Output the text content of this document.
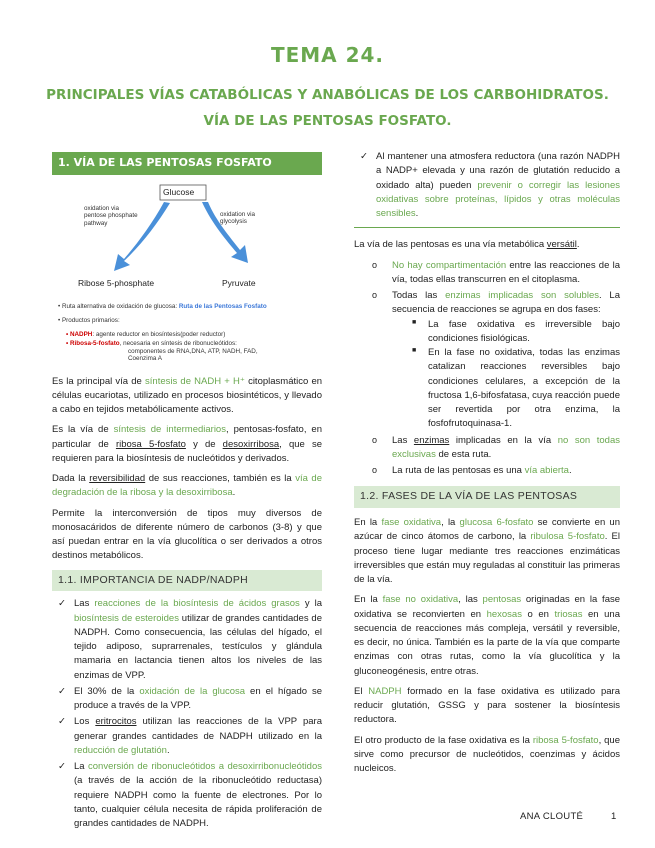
TEMA 24.
PRINCIPALES VÍAS CATABÓLICAS Y ANABÓLICAS DE LOS CARBOHIDRATOS.
VÍA DE LAS PENTOSAS FOSFATO.
1. VÍA DE LAS PENTOSAS FOSFATO
Glucose
oxidation via
pentose phosphate
pathway
oxidation via
glycolysis
Ribose 5-phosphate	Pyruvate
• Ruta alternativa de oxidación de glucosa: Ruta de las Pentosas Fosfato
• Productos primarios:
• NADPH: agente reductor en biosíntesis(poder reductor)
• Ribosa-5-fosfato, necesaria en síntesis de ribonucleótidos:
componentes de RNA,DNA, ATP, NADH, FAD,
Coenzima A

Es la principal vía de síntesis de NADH + H⁺ citoplasmático en células eucariotas, utilizado en procesos biosintéticos, y llevado a cabo en tejidos metabólicamente activos.

Es la vía de síntesis de intermediarios, pentosas-fosfato, en particular de ribosa 5-fosfato y de desoxirribosa, que se requieren para la biosíntesis de nucleótidos y derivados.

Dada la reversibilidad de sus reacciones, también es la vía de degradación de la ribosa y la desoxirribosa.

Permite la interconversión de tipos muy diversos de monosacáridos de diferente número de carbonos (3-8) y que así puedan entrar en la vía glucolítica o ser derivados a otros destinos metabólicos.

1.1. IMPORTANCIA DE NADP/NADPH
✓ Las reacciones de la biosíntesis de ácidos grasos y la biosíntesis de esteroides utilizar de grandes cantidades de NADPH. Como consecuencia, las células del hígado, el tejido adiposo, suprarrenales, testículos y glándula mamaria en lactancia tienen altos los niveles de las enzimas de VPP.
✓ El 30% de la oxidación de la glucosa en el hígado se produce a través de la VPP.
✓ Los eritrocitos utilizan las reacciones de la VPP para generar grandes cantidades de NADPH utilizado en la reducción de glutatión.
✓ La conversión de ribonucleótidos a desoxirribonucleótidos (a través de la acción de la ribonucleótido reductasa) requiere NADPH como la fuente de electrones. Por lo tanto, cualquier célula necesita de rápida proliferación de grandes cantidades de NADPH.
✓ Al mantener una atmosfera reductora (una razón NADPH a NADP+ elevada y una razón de glutatión reducido a oxidado alta) pueden prevenir o corregir las lesiones oxidativas sobre proteínas, lípidos y otras moléculas sensibles.

La vía de las pentosas es una vía metabólica versátil.

o No hay compartimentación entre las reacciones de la vía, todas ellas transcurren en el citoplasma.
o Todas las enzimas implicadas son solubles. La secuencia de reacciones se agrupa en dos fases:
■ La fase oxidativa es irreversible bajo condiciones fisiológicas.
■ En la fase no oxidativa, todas las enzimas catalizan reacciones reversibles bajo condiciones celulares, a excepción de la fructosa 1,6-bifosfatasa, cuya reacción puede ser revertida por otra enzima, la fosfofrutoquinasa-1.
o Las enzimas implicadas en la vía no son todas exclusivas de esta ruta.
o La ruta de las pentosas es una vía abierta.
1.2. FASES DE LA VÍA DE LAS PENTOSAS

En la fase oxidativa, la glucosa 6-fosfato se convierte en un azúcar de cinco átomos de carbono, la ribulosa 5-fosfato. El proceso tiene lugar mediante tres reacciones enzimáticas irreversibles que están muy reguladas al constituir las primeras de la vía.

En la fase no oxidativa, las pentosas originadas en la fase oxidativa se reconvierten en hexosas o en triosas en una secuencia de reacciones más compleja, versátil y reversible, es decir, no única. También es la parte de la vía que comparte enzimas con otras rutas, como la vía glucolítica y la gluconeogénesis, entre otras.

El NADPH formado en la fase oxidativa es utilizado para reducir glutatión, GSSG y para sostener la biosíntesis reductora.

El otro producto de la fase oxidativa es la ribosa 5-fosfato, que sirve como precursor de nucleótidos, coenzimas y ácidos nucleicos.

ANA CLOUTÉ	1
